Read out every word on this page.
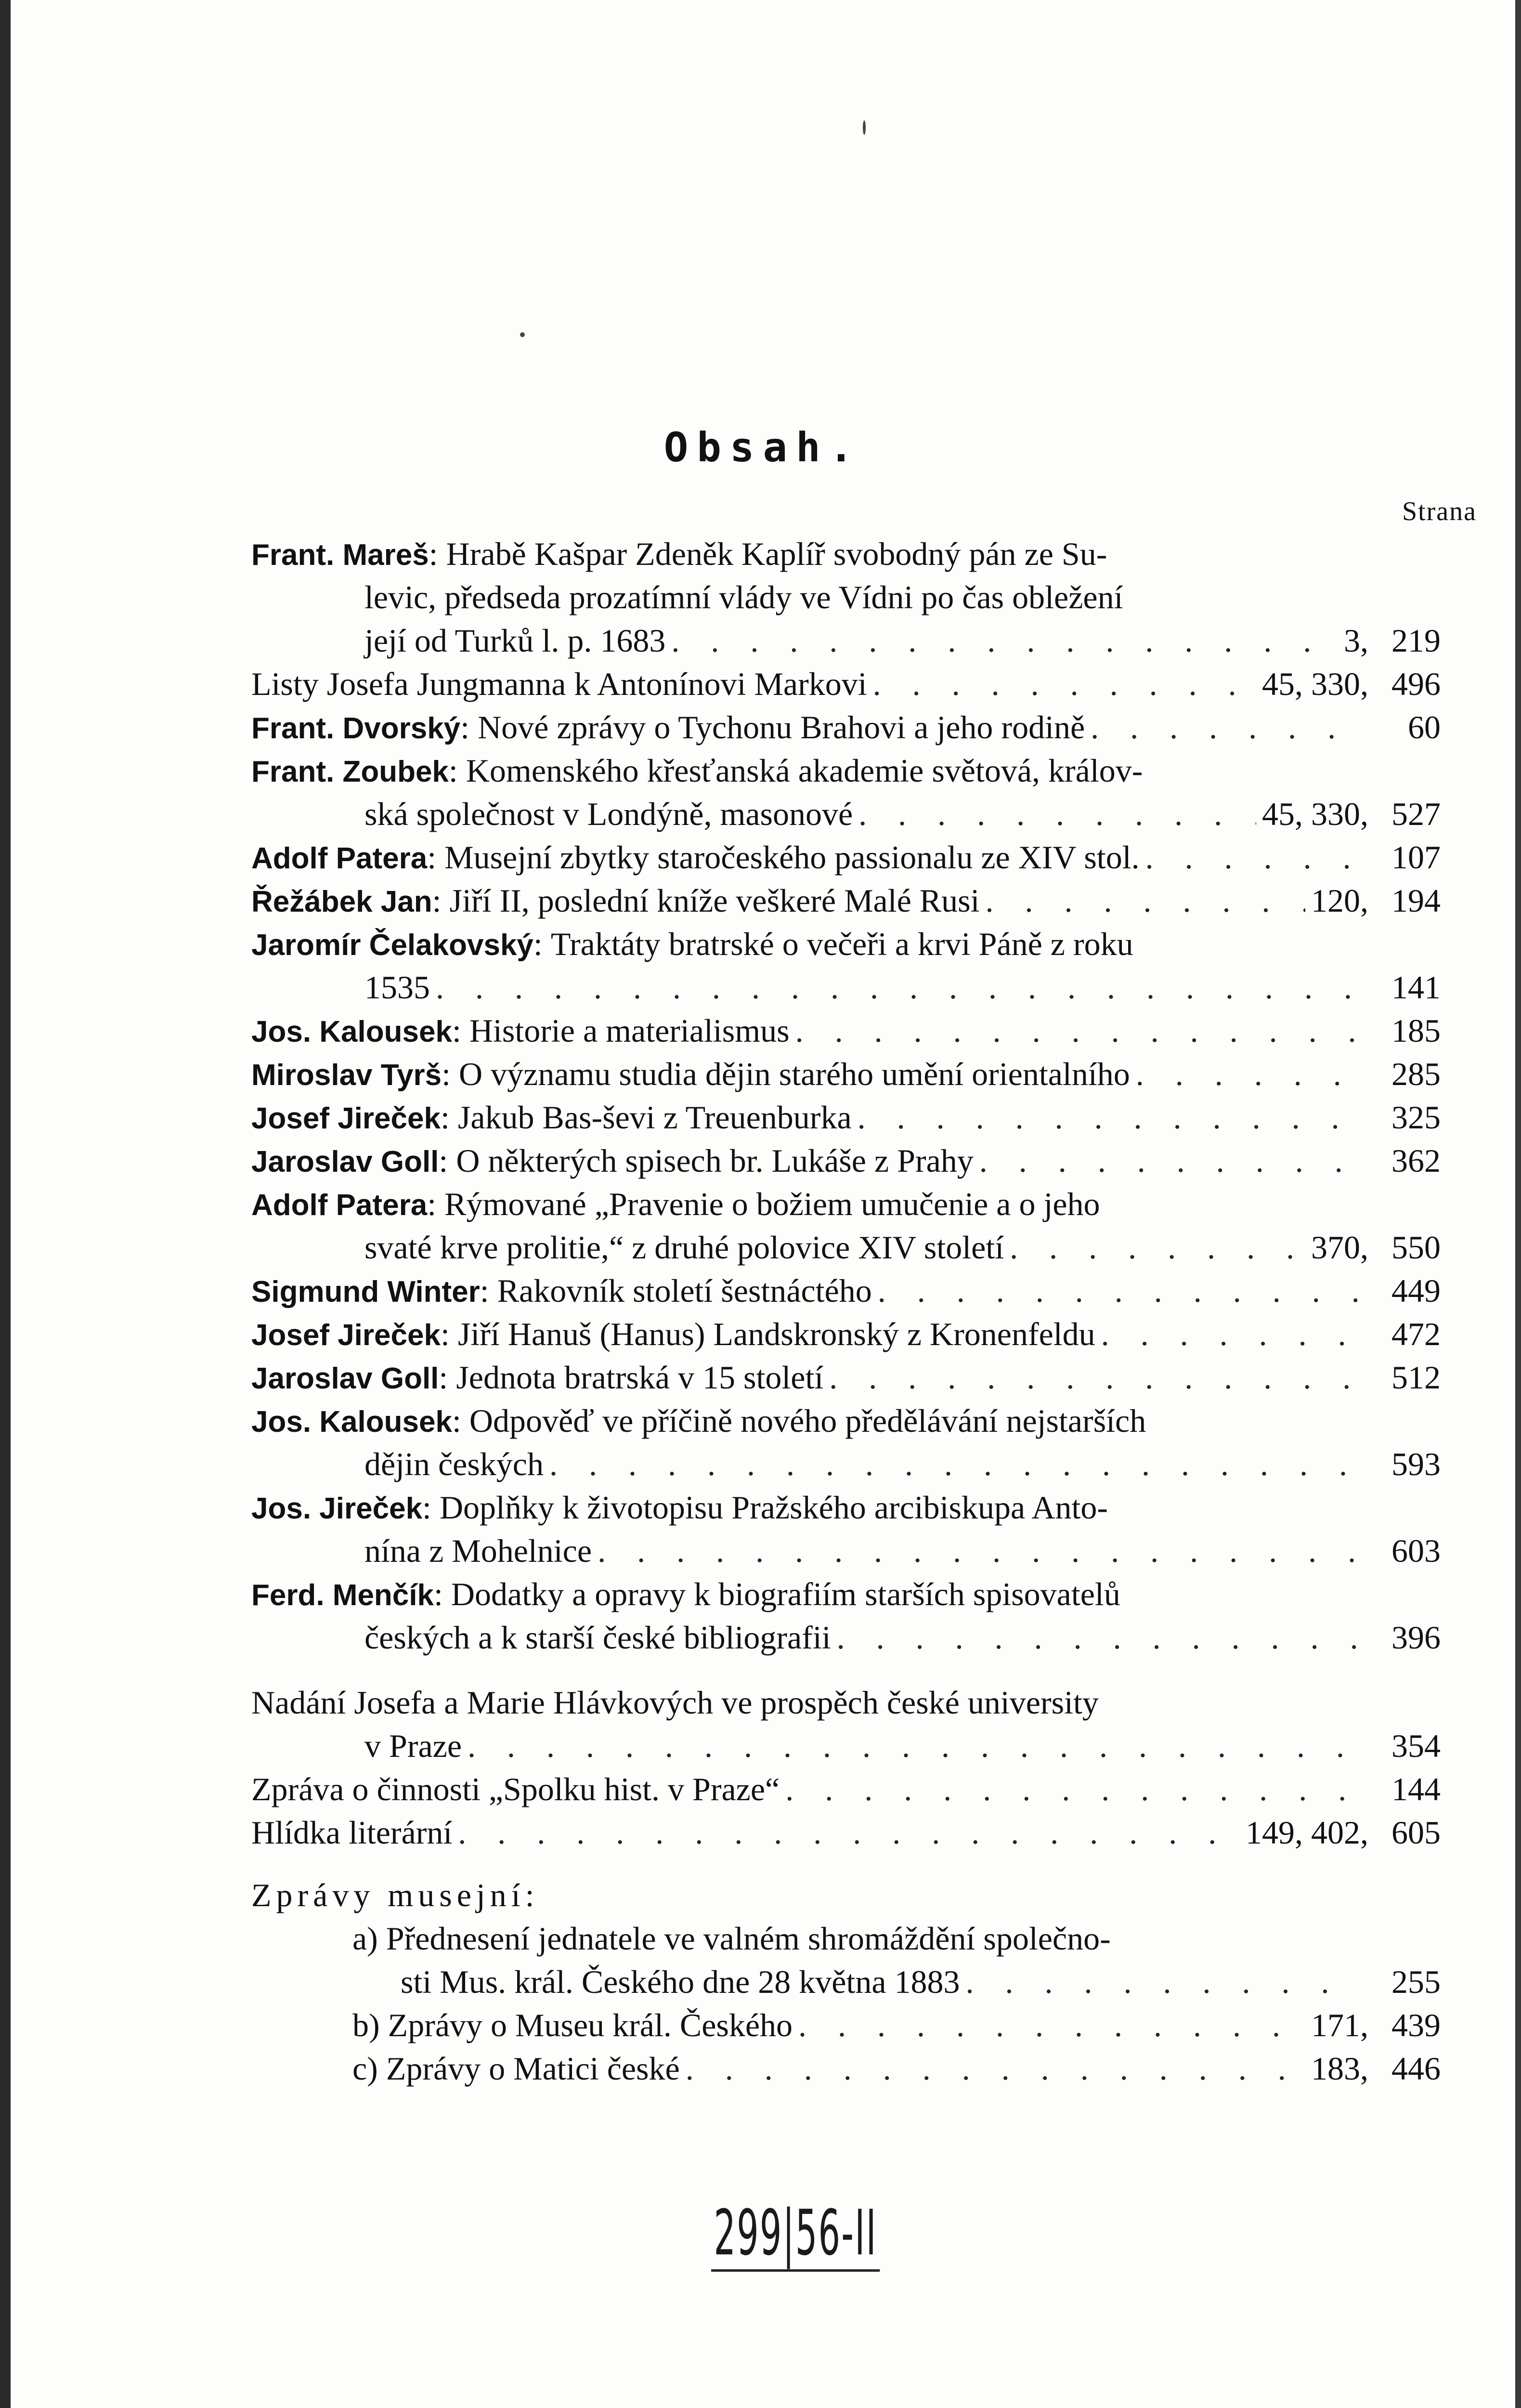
Obsah.
Strana
Frant. Mareš : Hrabě Kašpar Zdeněk Kaplíř svobodný pán ze Su-
levic, předseda prozatímní vlády ve Vídni po čas obležení
její od Turků l. p. 1683 . . .	3, 219
Listy Josefa Jungmanna k Antonínovi Markovi . . .	45, 330, 496
Frant. Dvorský : Nové zprávy o Tychonu Brahovi a jeho rodině . . .	60
Frant. Zoubek : Komenského křesťanská akademie světová, králov-
ská společnost v Londýně, masonové . . .	45, 330, 527
Adolf Patera : Musejní zbytky staročeského passionalu ze XIV stol. . . .	107
Řežábek Jan : Jiří II, poslední kníže veškeré Malé Rusi . . .	120, 194
Jaromír Čelakovský : Traktáty bratrské o večeři a krvi Páně z roku
1535 . . .	141
Jos. Kalousek : Historie a materialismus . . .	185
Miroslav Tyrš : O významu studia dějin starého umění orientalního . . .	285
Josef Jireček : Jakub Bas-ševi z Treuenburka . . .	325
Jaroslav Goll : O některých spisech br. Lukáše z Prahy . . .	362
Adolf Patera : Rýmované „Pravenie o božiem umučenie a o jeho
svaté krve prolitie,“ z druhé polovice XIV století . . .	370, 550
Sigmund Winter : Rakovník století šestnáctého . . .	449
Josef Jireček : Jiří Hanuš (Hanus) Landskronský z Kronenfeldu . . .	472
Jaroslav Goll : Jednota bratrská v 15 století . . .	512
Jos. Kalousek : Odpověď ve příčině nového předělávání nejstarších
dějin českých . . .	593
Jos. Jireček : Doplňky k životopisu Pražského arcibiskupa Anto-
nína z Mohelnice . . .	603
Ferd. Menčík : Dodatky a opravy k biografiím starších spisovatelů
českých a k starší české bibliografii . . .	396
Nadání Josefa a Marie Hlávkových ve prospěch české university
v Praze . . .	354
Zpráva o činnosti „Spolku hist. v Praze“ . . .	144
Hlídka literární . . .	149, 402, 605
Zprávy musejní:
a)
Přednesení jednatele ve valném shromáždění společno-
sti Mus. král. Českého dne 28 května 1883 . . .	255
b)
Zprávy o Museu král. Českého . . .	171, 439
c)
Zprávy o Matici české . . .	183, 446
299|56-II
